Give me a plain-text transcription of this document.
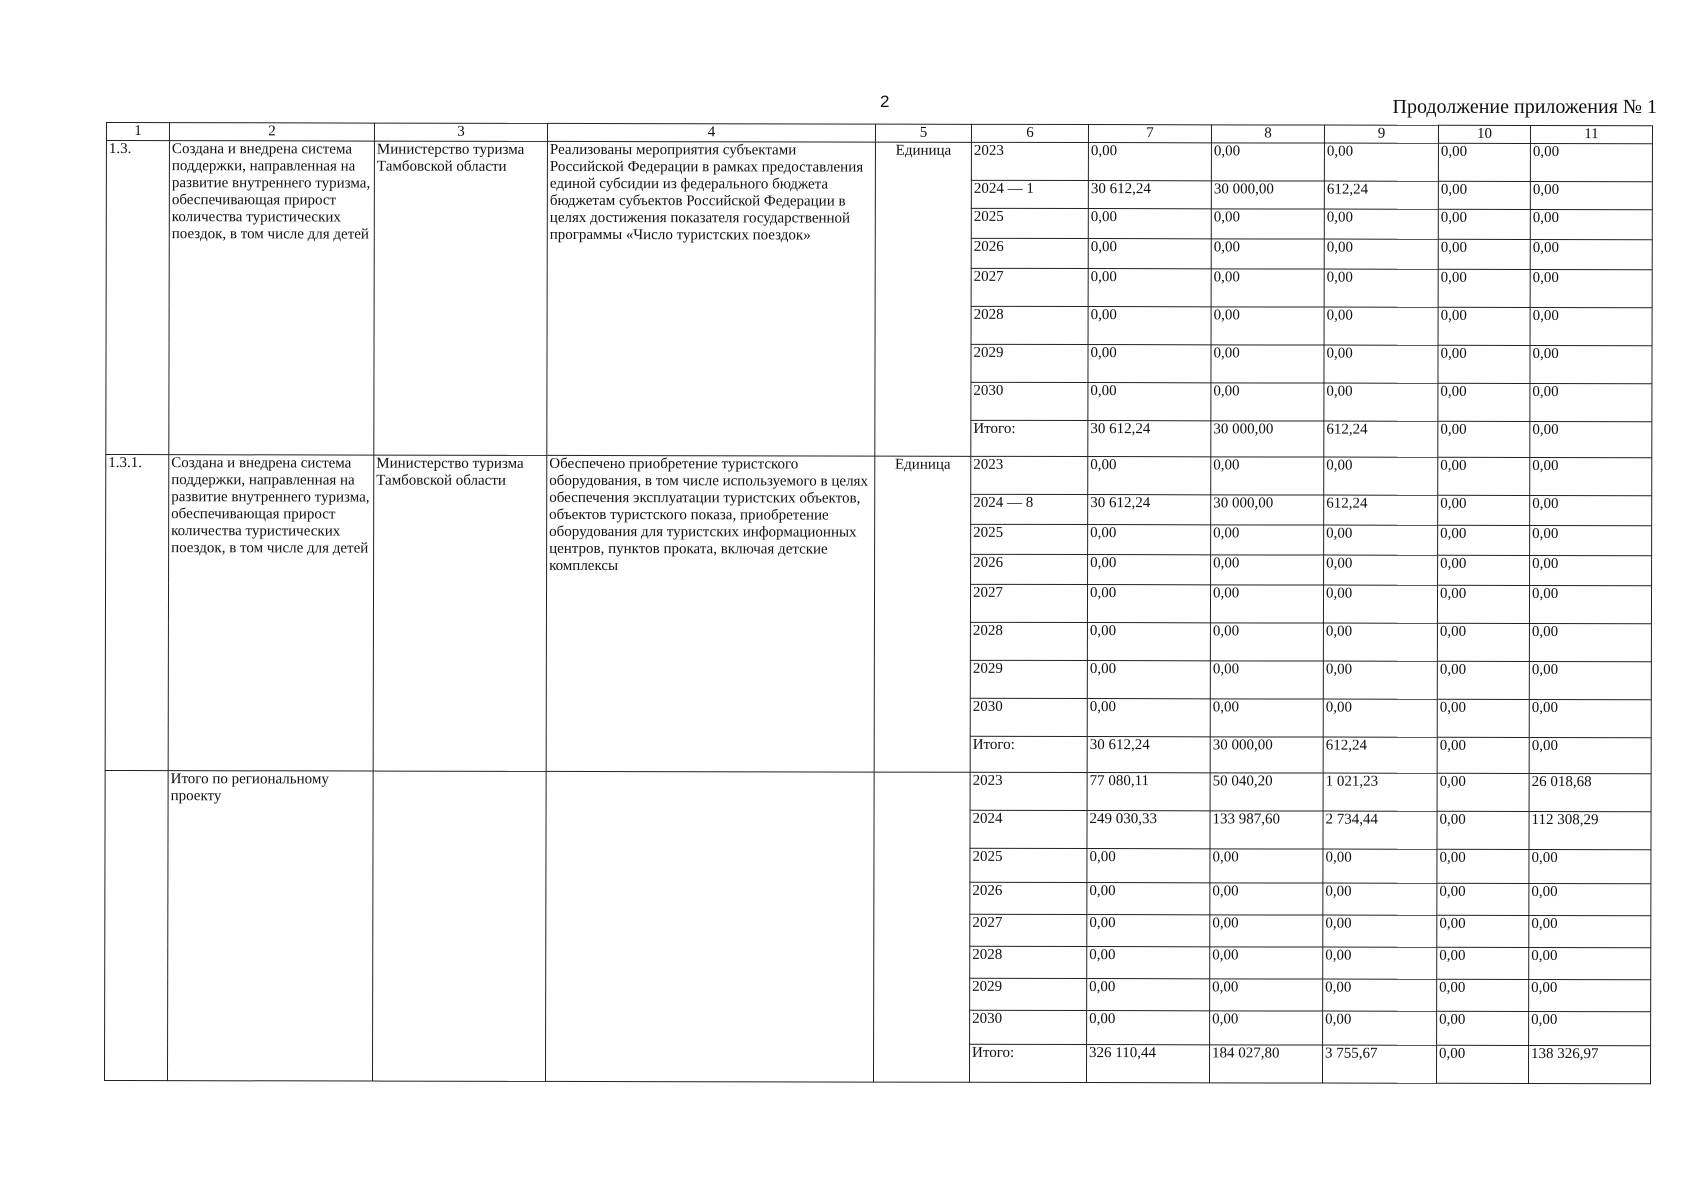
2	Продолжение приложения № 1
1	2	3	4	5	6	7	8	9	10	11
1.3.	Создана и внедрена система поддержки, направленная на развитие внутреннего туризма, обеспечивающая прирост количества туристических поездок, в том числе для детей	Министерство туризма Тамбовской области	Реализованы мероприятия субъектами Российской Федерации в рамках предоставления единой субсидии из федерального бюджета бюджетам субъектов Российской Федерации в целях достижения показателя государственной программы «Число туристских поездок»	Единица	2023	0,00	0,00	0,00	0,00	0,00
					2024 — 1	30 612,24	30 000,00	612,24	0,00	0,00
					2025	0,00	0,00	0,00	0,00	0,00
					2026	0,00	0,00	0,00	0,00	0,00
					2027	0,00	0,00	0,00	0,00	0,00
					2028	0,00	0,00	0,00	0,00	0,00
					2029	0,00	0,00	0,00	0,00	0,00
					2030	0,00	0,00	0,00	0,00	0,00
					Итого:	30 612,24	30 000,00	612,24	0,00	0,00
1.3.1.	Создана и внедрена система поддержки, направленная на развитие внутреннего туризма, обеспечивающая прирост количества туристических поездок, в том числе для детей	Министерство туризма Тамбовской области	Обеспечено приобретение туристского оборудования, в том числе используемого в целях обеспечения эксплуатации туристских объектов, объектов туристского показа, приобретение оборудования для туристских информационных центров, пунктов проката, включая детские комплексы	Единица	2023	0,00	0,00	0,00	0,00	0,00
					2024 — 8	30 612,24	30 000,00	612,24	0,00	0,00
					2025	0,00	0,00	0,00	0,00	0,00
					2026	0,00	0,00	0,00	0,00	0,00
					2027	0,00	0,00	0,00	0,00	0,00
					2028	0,00	0,00	0,00	0,00	0,00
					2029	0,00	0,00	0,00	0,00	0,00
					2030	0,00	0,00	0,00	0,00	0,00
					Итого:	30 612,24	30 000,00	612,24	0,00	0,00
	Итого по региональному проекту				2023	77 080,11	50 040,20	1 021,23	0,00	26 018,68
					2024	249 030,33	133 987,60	2 734,44	0,00	112 308,29
					2025	0,00	0,00	0,00	0,00	0,00
					2026	0,00	0,00	0,00	0,00	0,00
					2027	0,00	0,00	0,00	0,00	0,00
					2028	0,00	0,00	0,00	0,00	0,00
					2029	0,00	0,00	0,00	0,00	0,00
					2030	0,00	0,00	0,00	0,00	0,00
					Итого:	326 110,44	184 027,80	3 755,67	0,00	138 326,97
